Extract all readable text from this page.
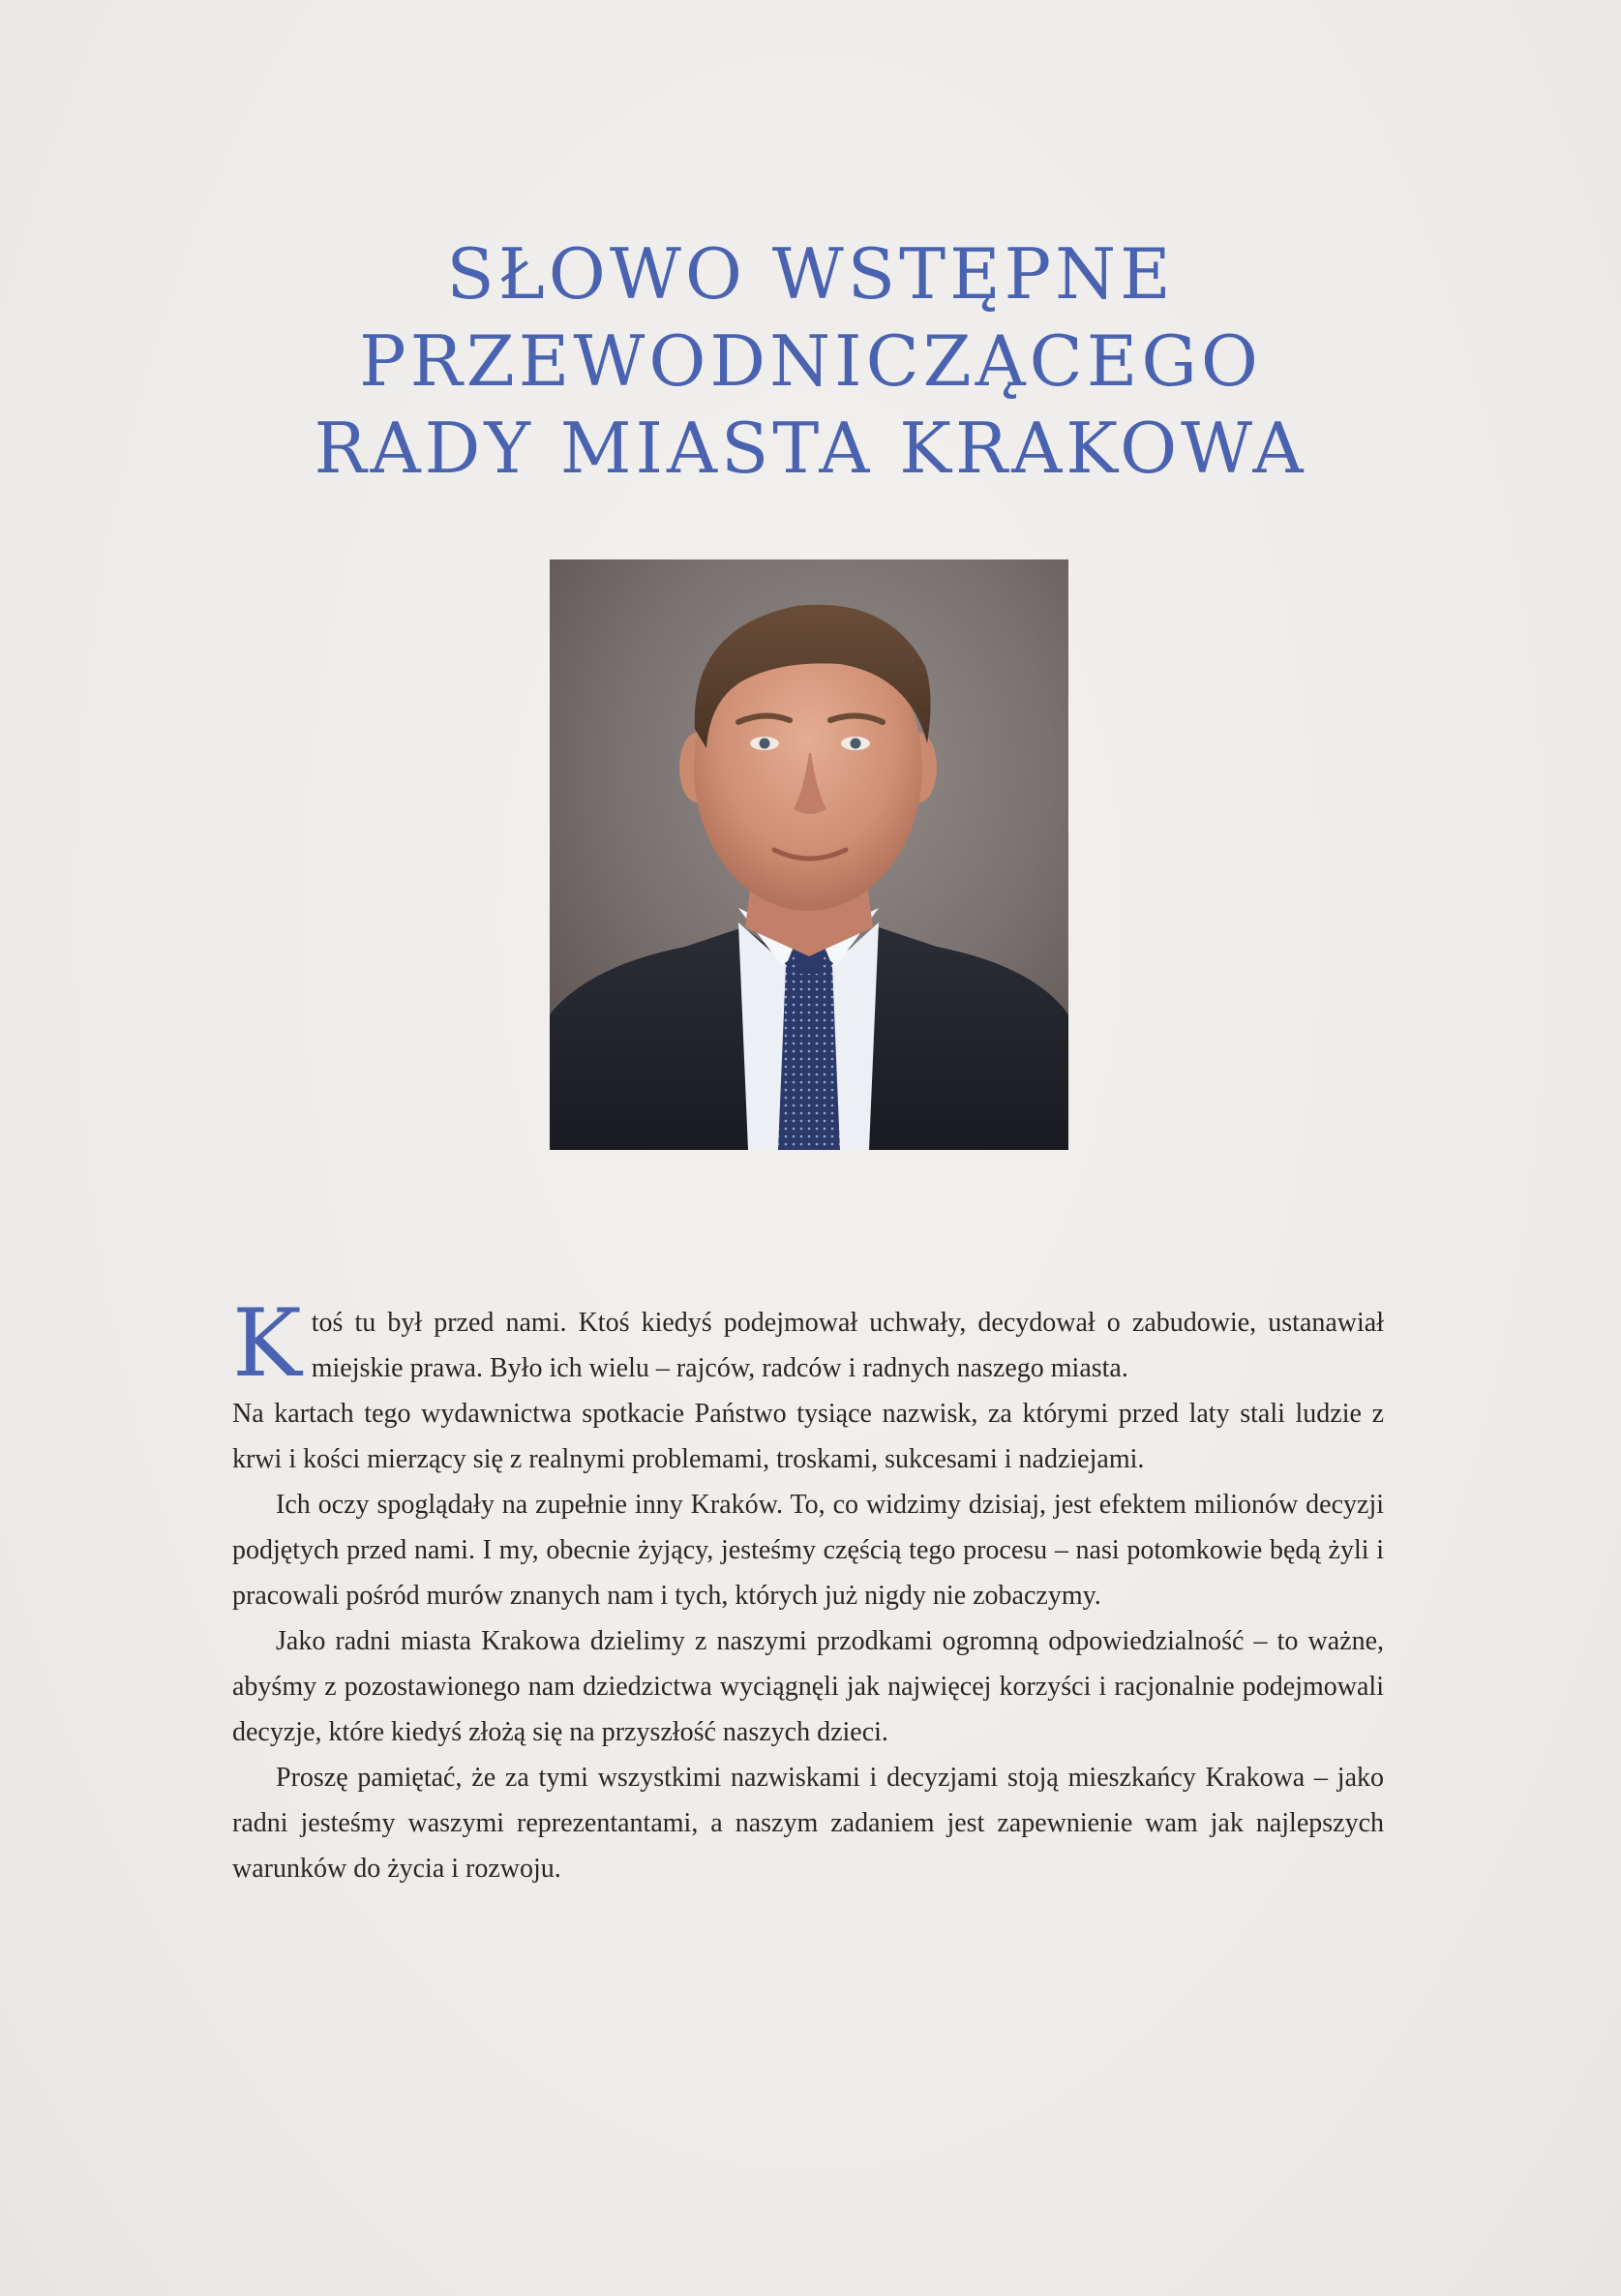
SŁOWO WSTĘPNE
PRZEWODNICZĄCEGO
RADY MIASTA KRAKOWA

Ktoś tu był przed nami. Ktoś kiedyś podejmował uchwały, decydował o zabudowie, ustanawiał miejskie prawa. Było ich wielu – rajców, radców i radnych naszego miasta.

Na kartach tego wydawnictwa spotkacie Państwo tysiące nazwisk, za którymi przed laty stali ludzie z krwi i kości mierzący się z realnymi problemami, troskami, sukcesami i nadziejami.

Ich oczy spoglądały na zupełnie inny Kraków. To, co widzimy dzisiaj, jest efektem milionów decyzji podjętych przed nami. I my, obecnie żyjący, jesteśmy częścią tego procesu – nasi potomkowie będą żyli i pracowali pośród murów znanych nam i tych, których już nigdy nie zobaczymy.

Jako radni miasta Krakowa dzielimy z naszymi przodkami ogromną odpowiedzialność – to ważne, abyśmy z pozostawionego nam dziedzictwa wyciągnęli jak najwięcej korzyści i racjonalnie podejmowali decyzje, które kiedyś złożą się na przyszłość naszych dzieci.

Proszę pamiętać, że za tymi wszystkimi nazwiskami i decyzjami stoją mieszkańcy Krakowa – jako radni jesteśmy waszymi reprezentantami, a naszym zadaniem jest zapewnienie wam jak najlepszych warunków do życia i rozwoju.
